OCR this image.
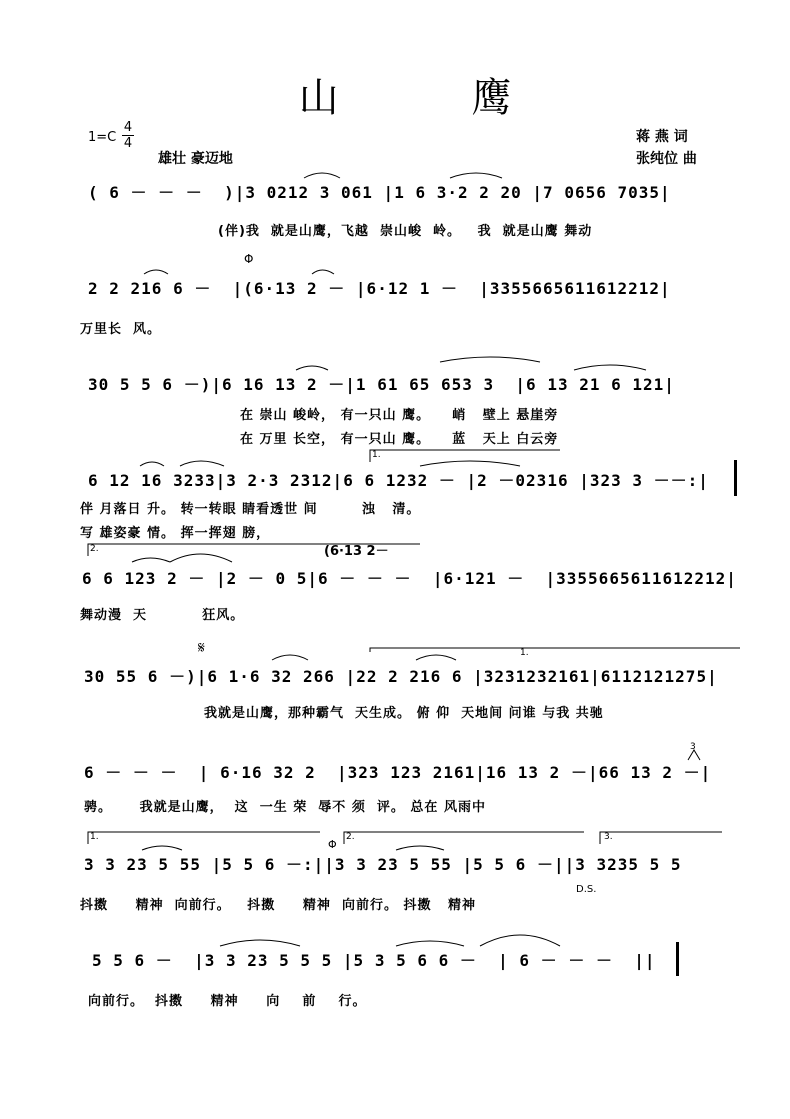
山 鹰
$1=C \frac{4}{4}$
雄壮 豪迈地
蒋 燕 词
张纯位 曲
( 6 － － －  )|3 0212 3 061 |1 6 3·2 2 20 |7 0656 7035|
(伴)我  就是山鹰，飞越  崇山峻  岭。   我  就是山鹰 舞动
Φ
2 2 216 6 －  |(6·13 2 － |6·12 1 －  |3355665611612212|
万里长  风。
30 5 5 6 －)|6 16 13 2 －|1 61 65 653 3  |6 13 21 6 121|
在 崇山 峻岭， 有一只山 鹰。    峭   壁上 悬崖旁
在 万里 长空， 有一只山 鹰。    蓝   天上 白云旁
1.
6 12 16 3233|3 2·3 2312|6 6 1232 － |2 －02316 |323 3 －－:|
伴 月落日 升。 转一转眼 睛看透世 间        浊   清。
写 雄姿豪 情。 挥一挥翅 膀，
2.	(6·13 2－
6 6 123 2 － |2 － 0 5|6 － － －  |6·121 －  |3355665611612212|
舞动漫  天          狂风。
𝄋	1.
30 55 6 －)|6 1·6 32 266 |22 2 216 6 |3231232161|6112121275|
我就是山鹰，那种霸气  天生成。 俯 仰  天地间 问谁 与我 共驰
3
6 － － －  | 6·16 32 2  |323 123 2161|16 13 2 －|66 13 2 －|
骋。     我就是山鹰，  这  一生 荣  辱不 须  评。 总在 风雨中
1.	2.	3.
Φ
3 3 23 5 55 |5 5 6 －:||3 3 23 5 55 |5 5 6 －||3 3235 5 5
D.S.
抖擞     精神  向前行。   抖擞     精神  向前行。 抖擞   精神
5 5 6 －  |3 3 23 5 5 5 |5 3 5 6 6 －  | 6 － － －  ||
向前行。  抖擞     精神     向    前    行。
